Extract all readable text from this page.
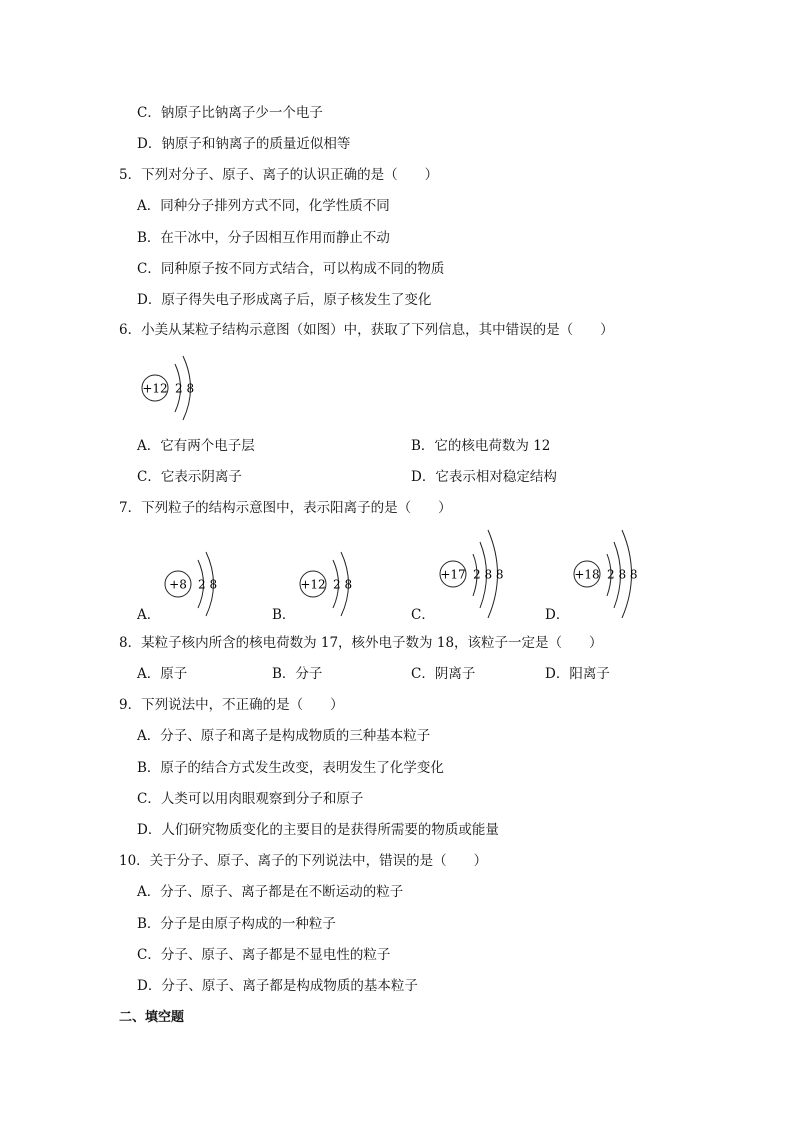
C．钠原子比钠离子少一个电子
D．钠原子和钠离子的质量近似相等
5．下列对分子、原子、离子的认识正确的是（　　）
A．同种分子排列方式不同，化学性质不同
B．在干冰中，分子因相互作用而静止不动
C．同种原子按不同方式结合，可以构成不同的物质
D．原子得失电子形成离子后，原子核发生了变化
6．小美从某粒子结构示意图（如图）中，获取了下列信息，其中错误的是（　　）
+12 2 8
A．它有两个电子层	B．它的核电荷数为 12
C．它表示阴离子	D．它表示相对稳定结构
7．下列粒子的结构示意图中，表示阳离子的是（　　）
+8 2 8
A．
+12 2 8
B．
+17 2 8 8
C．
+18 2 8 8
D．
8．某粒子核内所含的核电荷数为 17，核外电子数为 18，该粒子一定是（　　）
A．原子	B．分子	C．阴离子	D．阳离子
9．下列说法中，不正确的是（　　）
A．分子、原子和离子是构成物质的三种基本粒子
B．原子的结合方式发生改变，表明发生了化学变化
C．人类可以用肉眼观察到分子和原子
D．人们研究物质变化的主要目的是获得所需要的物质或能量
10．关于分子、原子、离子的下列说法中，错误的是（　　）
A．分子、原子、离子都是在不断运动的粒子
B．分子是由原子构成的一种粒子
C．分子、原子、离子都是不显电性的粒子
D．分子、原子、离子都是构成物质的基本粒子
二、填空题
